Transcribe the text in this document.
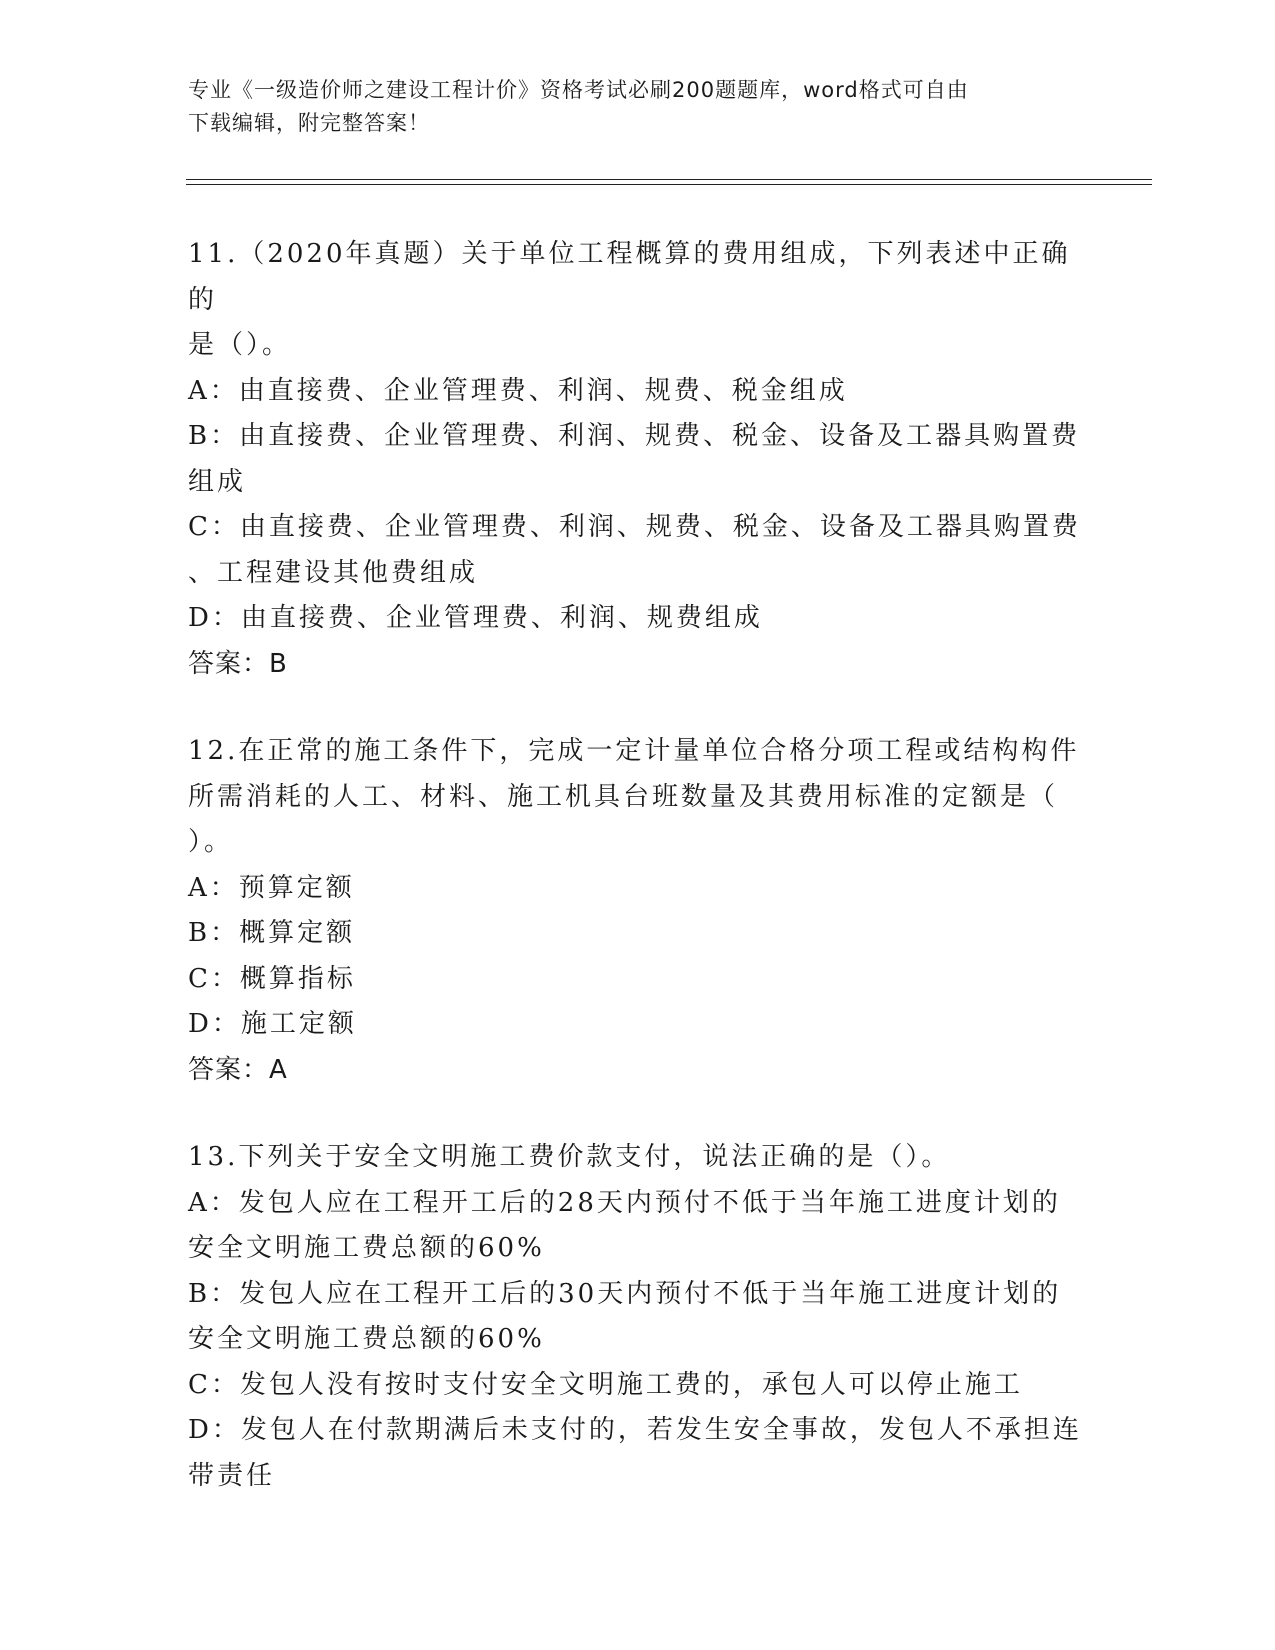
专业《一级造价师之建设工程计价》资格考试必刷200题题库，word格式可自由
下载编辑，附完整答案！
11.（2020年真题）关于单位工程概算的费用组成，下列表述中正确的
是（）。
A：由直接费、企业管理费、利润、规费、税金组成
B：由直接费、企业管理费、利润、规费、税金、设备及工器具购置费
组成
C：由直接费、企业管理费、利润、规费、税金、设备及工器具购置费
、工程建设其他费组成
D：由直接费、企业管理费、利润、规费组成
答案：B
12.在正常的施工条件下，完成一定计量单位合格分项工程或结构构件
所需消耗的人工、材料、施工机具台班数量及其费用标准的定额是（
）。
A：预算定额
B：概算定额
C：概算指标
D：施工定额
答案：A
13.下列关于安全文明施工费价款支付，说法正确的是（）。
A：发包人应在工程开工后的28天内预付不低于当年施工进度计划的
安全文明施工费总额的60%
B：发包人应在工程开工后的30天内预付不低于当年施工进度计划的
安全文明施工费总额的60%
C：发包人没有按时支付安全文明施工费的，承包人可以停止施工
D：发包人在付款期满后未支付的，若发生安全事故，发包人不承担连
带责任
